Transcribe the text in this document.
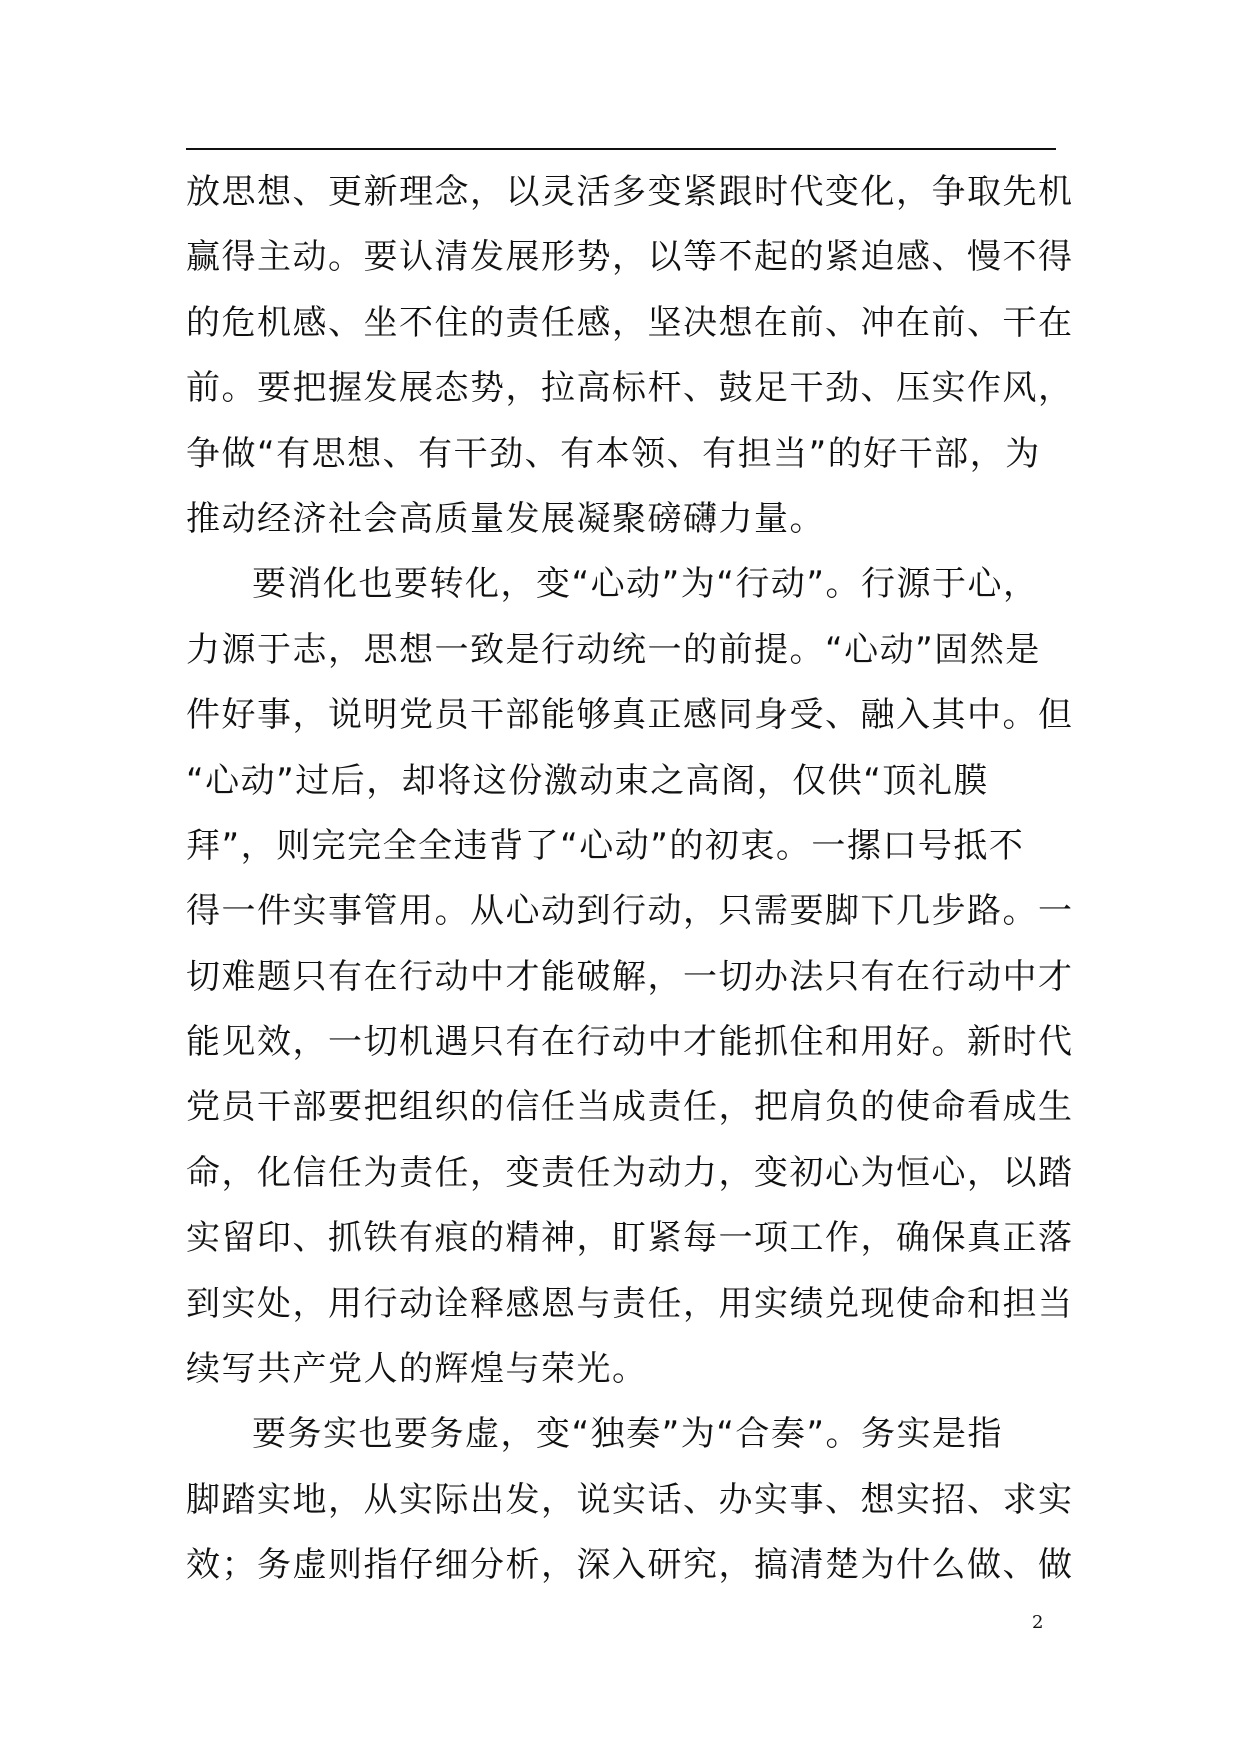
放思想、更新理念，以灵活多变紧跟时代变化，争取先机
赢得主动。要认清发展形势，以等不起的紧迫感、慢不得
的危机感、坐不住的责任感，坚决想在前、冲在前、干在
前。要把握发展态势，拉高标杆、鼓足干劲、压实作风，
争做“有思想、有干劲、有本领、有担当”的好干部，为
推动经济社会高质量发展凝聚磅礴力量。
要消化也要转化，变“心动”为“行动”。行源于心，
力源于志，思想一致是行动统一的前提。“心动”固然是
件好事，说明党员干部能够真正感同身受、融入其中。但
“心动”过后，却将这份激动束之高阁，仅供“顶礼膜
拜”，则完完全全违背了“心动”的初衷。一摞口号抵不
得一件实事管用。从心动到行动，只需要脚下几步路。一
切难题只有在行动中才能破解，一切办法只有在行动中才
能见效，一切机遇只有在行动中才能抓住和用好。新时代
党员干部要把组织的信任当成责任，把肩负的使命看成生
命，化信任为责任，变责任为动力，变初心为恒心，以踏
实留印、抓铁有痕的精神，盯紧每一项工作，确保真正落
到实处，用行动诠释感恩与责任，用实绩兑现使命和担当
续写共产党人的辉煌与荣光。
要务实也要务虚，变“独奏”为“合奏”。务实是指
脚踏实地，从实际出发，说实话、办实事、想实招、求实
效；务虚则指仔细分析，深入研究，搞清楚为什么做、做
2
